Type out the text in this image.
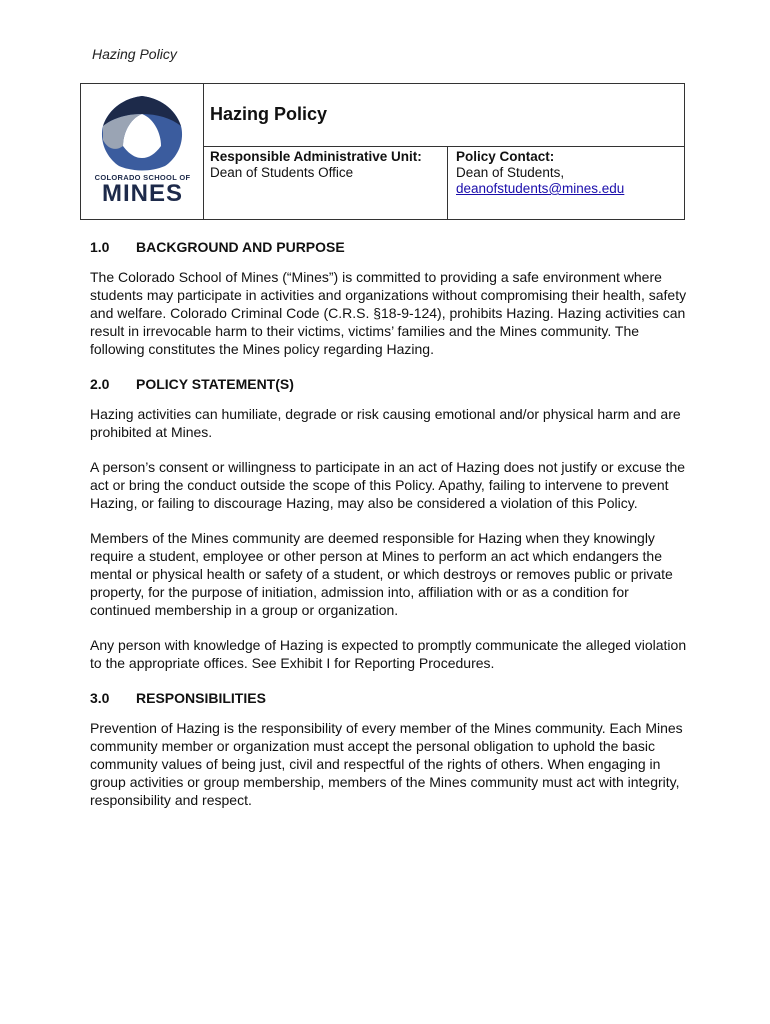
Hazing Policy
COLORADO SCHOOL OF
MINES
Hazing Policy
Responsible Administrative Unit:
Dean of Students Office
Policy Contact:
Dean of Students,
deanofstudents@mines.edu
1.0	BACKGROUND AND PURPOSE

The Colorado School of Mines (“Mines”) is committed to providing a safe environment where students may participate in activities and organizations without compromising their health, safety and welfare. Colorado Criminal Code (C.R.S. §18-9-124), prohibits Hazing. Hazing activities can result in irrevocable harm to their victims, victims’ families and the Mines community. The following constitutes the Mines policy regarding Hazing.

2.0	POLICY STATEMENT(S)

Hazing activities can humiliate, degrade or risk causing emotional and/or physical harm and are prohibited at Mines.

A person’s consent or willingness to participate in an act of Hazing does not justify or excuse the act or bring the conduct outside the scope of this Policy. Apathy, failing to intervene to prevent Hazing, or failing to discourage Hazing, may also be considered a violation of this Policy.

Members of the Mines community are deemed responsible for Hazing when they knowingly require a student, employee or other person at Mines to perform an act which endangers the mental or physical health or safety of a student, or which destroys or removes public or private property, for the purpose of initiation, admission into, affiliation with or as a condition for continued membership in a group or organization.

Any person with knowledge of Hazing is expected to promptly communicate the alleged violation to the appropriate offices. See Exhibit I for Reporting Procedures.

3.0	RESPONSIBILITIES

Prevention of Hazing is the responsibility of every member of the Mines community. Each Mines community member or organization must accept the personal obligation to uphold the basic community values of being just, civil and respectful of the rights of others. When engaging in group activities or group membership, members of the Mines community must act with integrity, responsibility and respect.
